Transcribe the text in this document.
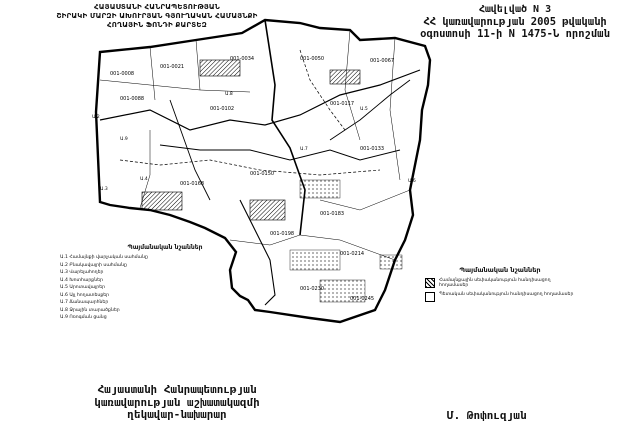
ՀԱՅԱՍՏԱՆԻ ՀԱՆՐԱՊԵՏՈՒԹՅԱՆ
ՇԻՐԱԿԻ ՄԱՐԶԻ ԱԽՈՒՐՅԱՆ ԳՅՈՒՂԱԿԱՆ ՀԱՄԱՅՆՔԻ
ՀՈՂԱՅԻՆ ՖՈՆԴԻ ՔԱՐՏԵԶ
Հավելված N 3
ՀՀ կառավարության 2005 թվականի
օգոստոսի 11-ի N 1475-Ն որոշման
Ա.2
Ա.3
Ա.4
Ա.5
Ա.6
Ա.7
Ա.8
Ա.9
001-0008
001-0021
001-0034	001-0050	001-0067
001-0088
001-0102
001-0117
001-0133
001-0150
001-0168
001-0183
001-0198
001-0214
001-0230
001-0245
Պայմանական նշաններ
Ա.1 Համայնքի վարչական սահմանը
Ա.2 Բնակավայրի սահմանը
Ա.3 Վարելահողեր
Ա.4 Խոտհարքներ
Ա.5 Արոտավայրեր
Ա.6 Այլ հողատեսքեր
Ա.7 Ճանապարհներ
Ա.8 Ջրային տարածքներ
Ա.9 Ոռոգման ցանց
Պայմանական նշաններ
Համայնքային սեփականություն հանդիսացող հողամասեր
Պետական սեփականություն հանդիսացող հողամասեր
Հայաստանի Հանրապետության
կառավարության աշխատակազմի
ղեկավար-նախարար	Մ. Թոփուզյան
